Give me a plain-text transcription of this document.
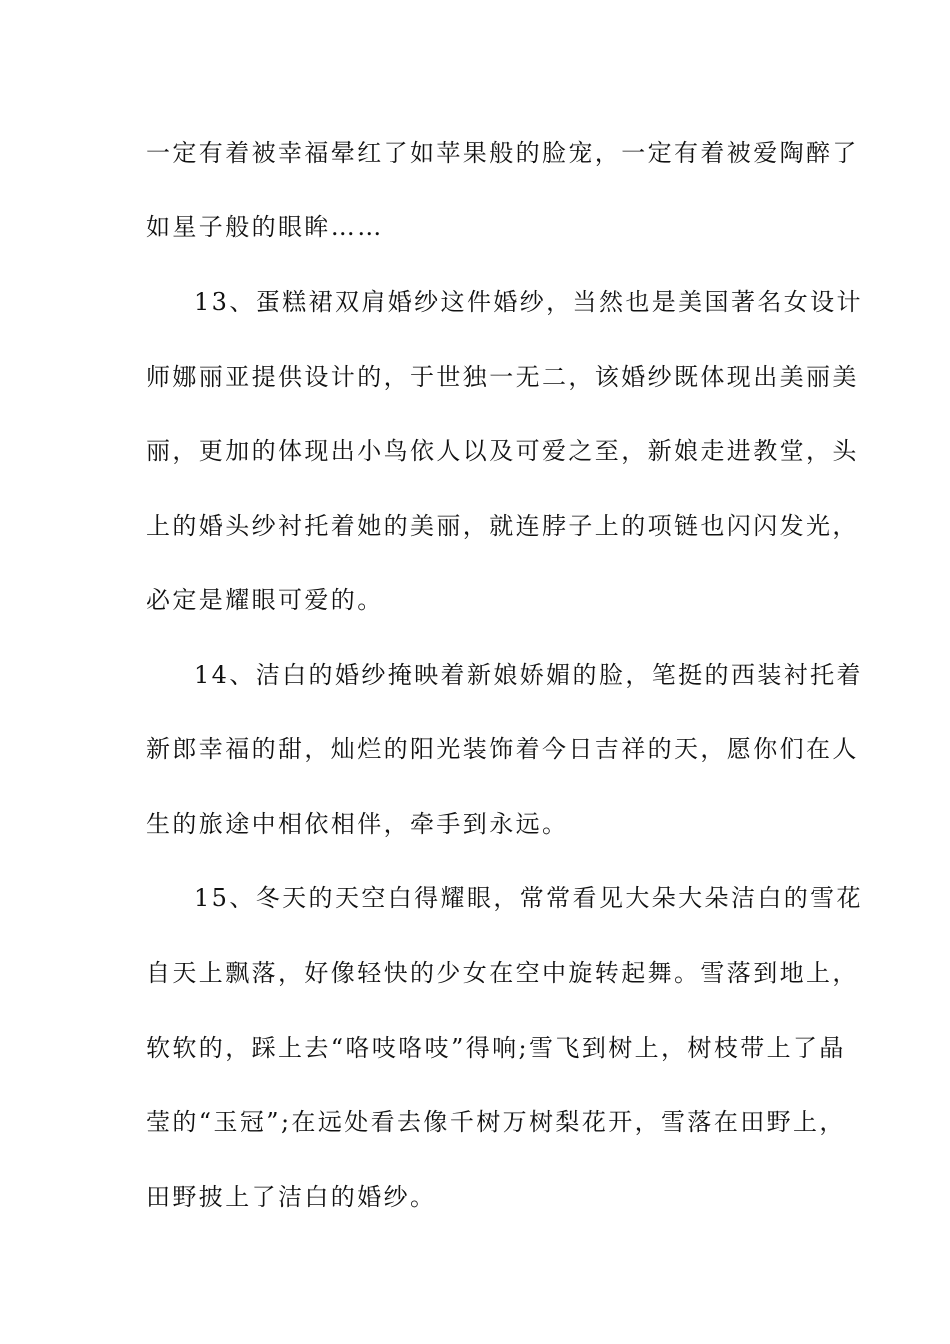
一定有着被幸福晕红了如苹果般的脸宠，一定有着被爱陶醉了
如星子般的眼眸……
13、蛋糕裙双肩婚纱这件婚纱，当然也是美国著名女设计
师娜丽亚提供设计的，于世独一无二，该婚纱既体现出美丽美
丽，更加的体现出小鸟依人以及可爱之至，新娘走进教堂，头
上的婚头纱衬托着她的美丽，就连脖子上的项链也闪闪发光，
必定是耀眼可爱的。
14、洁白的婚纱掩映着新娘娇媚的脸，笔挺的西装衬托着
新郎幸福的甜，灿烂的阳光装饰着今日吉祥的天，愿你们在人
生的旅途中相依相伴，牵手到永远。
15、冬天的天空白得耀眼，常常看见大朵大朵洁白的雪花
自天上飘落，好像轻快的少女在空中旋转起舞。雪落到地上，
软软的，踩上去“咯吱咯吱”得响;雪飞到树上，树枝带上了晶
莹的“玉冠”;在远处看去像千树万树梨花开，雪落在田野上，
田野披上了洁白的婚纱。
